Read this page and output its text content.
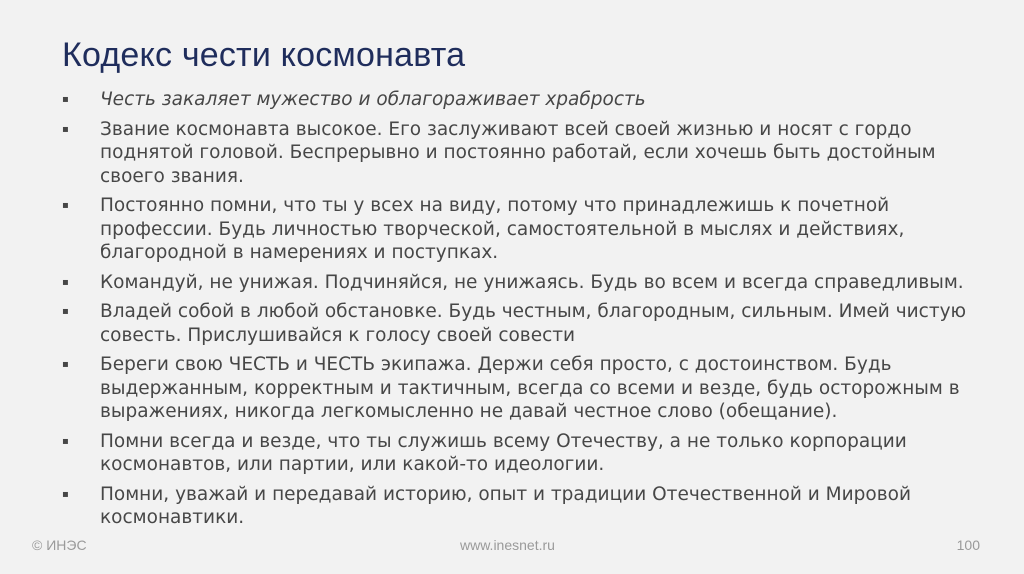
Кодекс чести космонавта
▪ Честь закаляет мужество и облагораживает храбрость
▪ Звание космонавта высокое. Его заслуживают всей своей жизнью и носят с гордо поднятой головой. Беспрерывно и постоянно работай, если хочешь быть достойным своего звания.
▪ Постоянно помни, что ты у всех на виду, потому что принадлежишь к почетной профессии. Будь личностью творческой, самостоятельной в мыслях и действиях, благородной в намерениях и поступках.
▪ Командуй, не унижая. Подчиняйся, не унижаясь. Будь во всем и всегда справедливым.
▪ Владей собой в любой обстановке. Будь честным, благородным, сильным. Имей чистую совесть. Прислушивайся к голосу своей совести
▪ Береги свою ЧЕСТЬ и ЧЕСТЬ экипажа. Держи себя просто, с достоинством. Будь выдержанным, корректным и тактичным, всегда со всеми и везде, будь осторожным в выражениях, никогда легкомысленно не давай честное слово (обещание).
▪ Помни всегда и везде, что ты служишь всему Отечеству, а не только корпорации космонавтов, или партии, или какой-то идеологии.
▪ Помни, уважай и передавай историю, опыт и традиции Отечественной и Мировой космонавтики.
© ИНЭС	www.inesnet.ru	100
